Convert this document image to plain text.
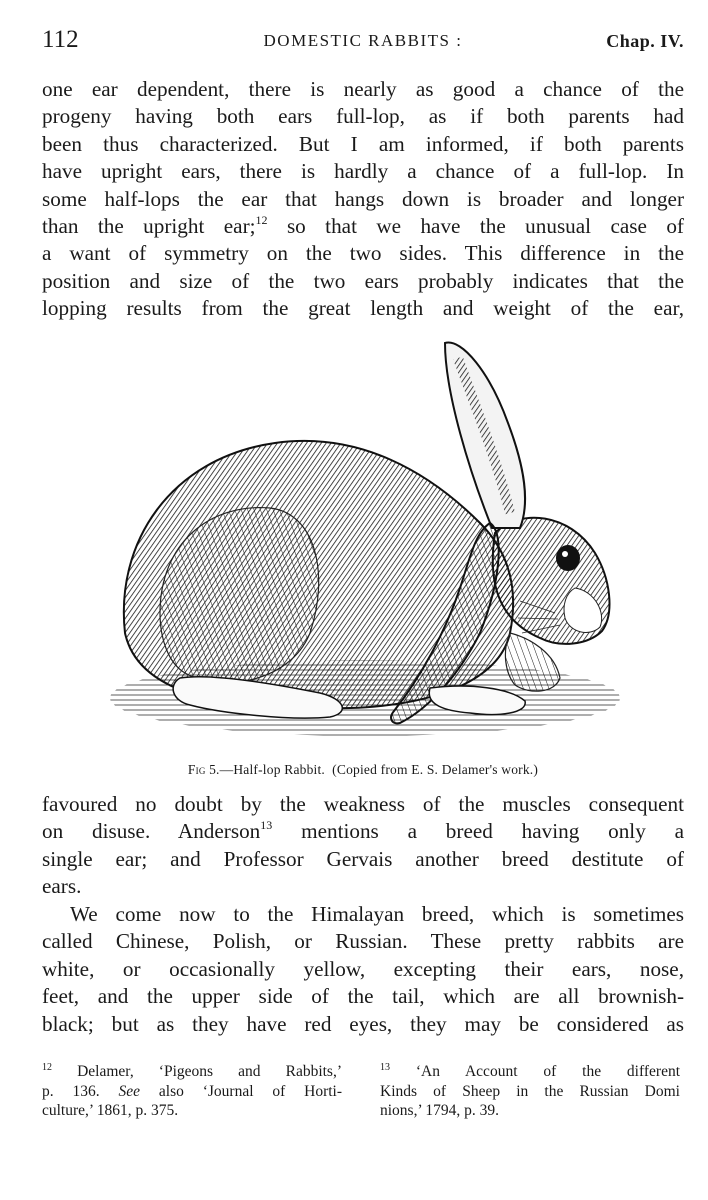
112	DOMESTIC RABBITS :	Chap. IV.
one ear dependent, there is nearly as good a chance of the
progeny having both ears full-lop, as if both parents had
been thus characterized. But I am informed, if both parents
have upright ears, there is hardly a chance of a full-lop. In
some half-lops the ear that hangs down is broader and longer
than the upright ear;$^{12}$ so that we have the unusual case of
a want of symmetry on the two sides. This difference in the
position and size of the two ears probably indicates that the
lopping results from the great length and weight of the ear,
Fig 5.—Half-lop Rabbit. (Copied from E. S. Delamer's work.)
favoured no doubt by the weakness of the muscles consequent
on disuse. Anderson$^{13}$ mentions a breed having only a
single ear; and Professor Gervais another breed destitute of
ears.
We come now to the Himalayan breed, which is sometimes
called Chinese, Polish, or Russian. These pretty rabbits are
white, or occasionally yellow, excepting their ears, nose,
feet, and the upper side of the tail, which are all brownish-
black; but as they have red eyes, they may be considered as
$^{12}$ Delamer, ‘Pigeons and Rabbits,’
p. 136. See also ‘Journal of Horti-
culture,’ 1861, p. 375.
$^{13}$ ‘An Account of the different
Kinds of Sheep in the Russian Domi
nions,’ 1794, p. 39.
